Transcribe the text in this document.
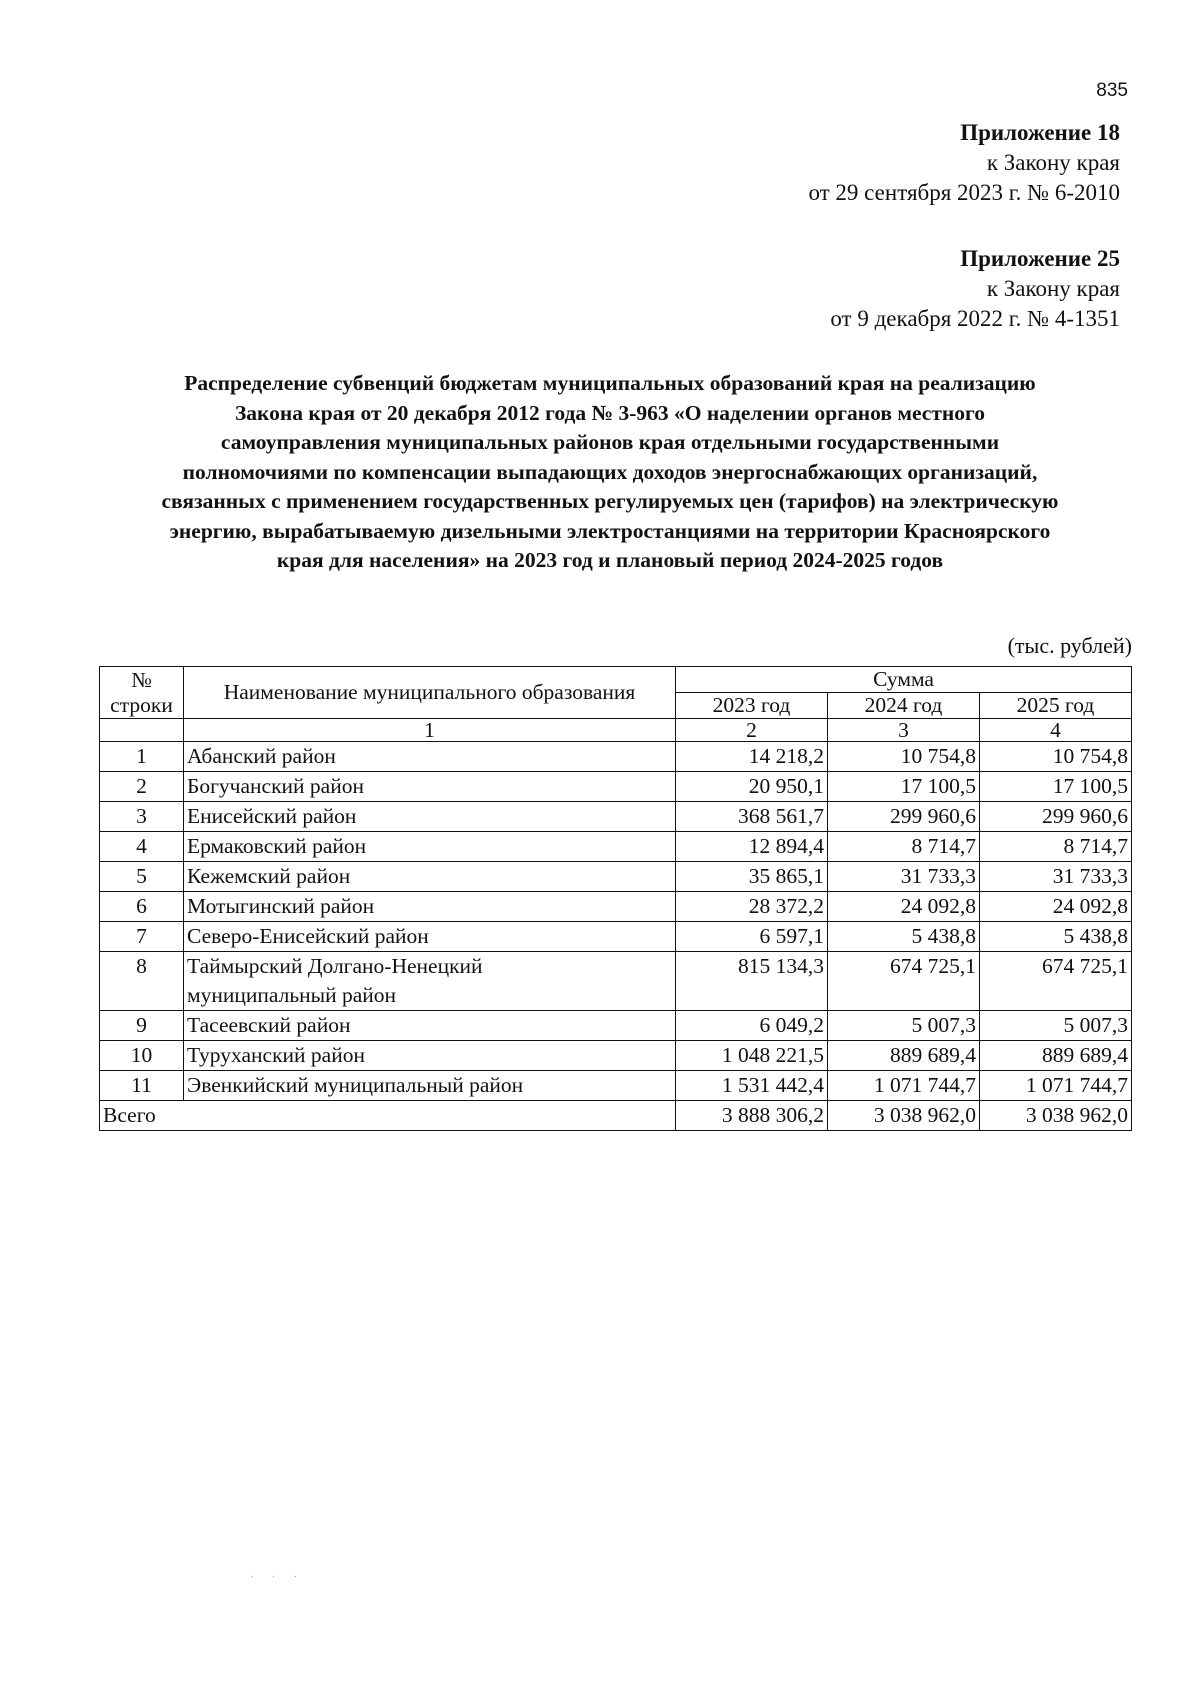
835
Приложение 18
к Закону края
от 29 сентября 2023 г. № 6-2010
Приложение 25
к Закону края
от 9 декабря 2022 г. № 4-1351
Распределение субвенций бюджетам муниципальных образований края на реализацию
Закона края от 20 декабря 2012 года № 3-963 «О наделении органов местного
самоуправления муниципальных районов края отдельными государственными
полномочиями по компенсации выпадающих доходов энергоснабжающих организаций,
связанных с применением государственных регулируемых цен (тарифов) на электрическую
энергию, вырабатываемую дизельными электростанциями на территории Красноярского
края для населения» на 2023 год и плановый период 2024-2025 годов
(тыс. рублей)
№
строки	Наименование муниципального образования	Сумма		
		2023 год	2024 год	2025 год
	1	2	3	4
1	Абанский район	14 218,2	10 754,8	10 754,8
2	Богучанский район	20 950,1	17 100,5	17 100,5
3	Енисейский район	368 561,7	299 960,6	299 960,6
4	Ермаковский район	12 894,4	8 714,7	8 714,7
5	Кежемский район	35 865,1	31 733,3	31 733,3
6	Мотыгинский район	28 372,2	24 092,8	24 092,8
7	Северо-Енисейский район	6 597,1	5 438,8	5 438,8
8	Таймырский Долгано-Ненецкий
муниципальный район	815 134,3	674 725,1	674 725,1
9	Тасеевский район	6 049,2	5 007,3	5 007,3
10	Туруханский район	1 048 221,5	889 689,4	889 689,4
11	Эвенкийский муниципальный район	1 531 442,4	1 071 744,7	1 071 744,7
Всего		3 888 306,2	3 038 962,0	3 038 962,0
· · ·
